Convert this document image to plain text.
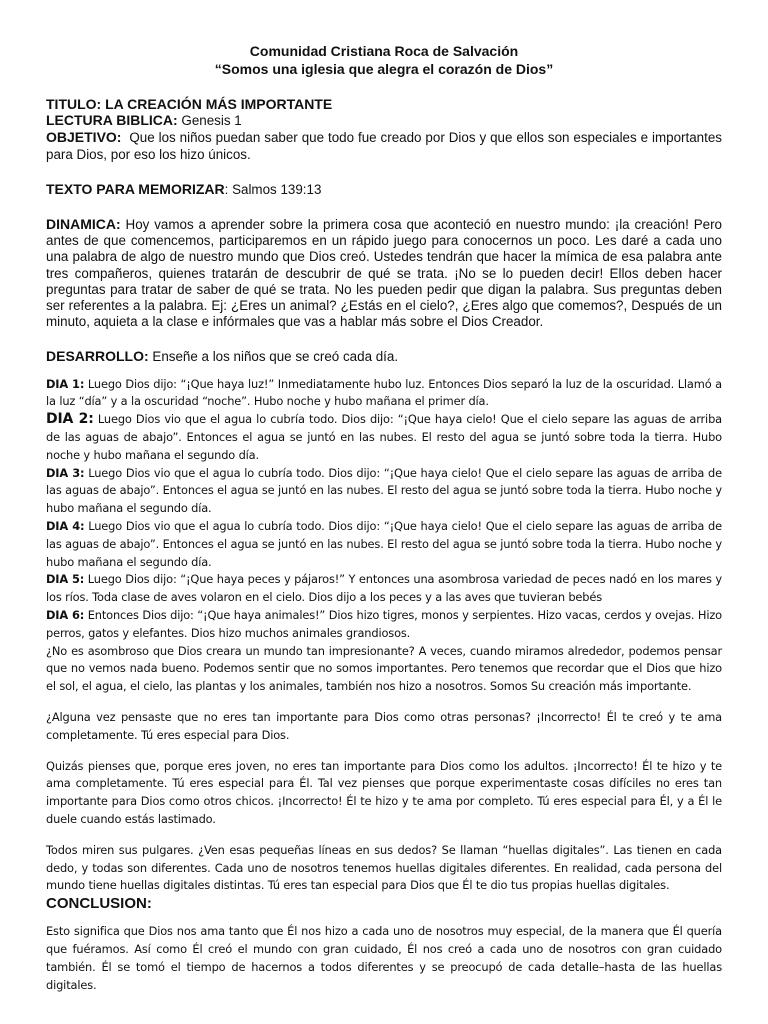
Comunidad Cristiana Roca de Salvación
“Somos una iglesia que alegra el corazón de Dios”

TITULO: LA CREACIÓN MÁS IMPORTANTE

LECTURA BIBLICA: Genesis 1

OBJETIVO: Que los niños puedan saber que todo fue creado por Dios y que ellos son especiales e importantes para Dios, por eso los hizo únicos.

TEXTO PARA MEMORIZAR: Salmos 139:13

DINAMICA: Hoy vamos a aprender sobre la primera cosa que aconteció en nuestro mundo: ¡la creación! Pero antes de que comencemos, participaremos en un rápido juego para conocernos un poco. Les daré a cada uno una palabra de algo de nuestro mundo que Dios creó. Ustedes tendrán que hacer la mímica de esa palabra ante tres compañeros, quienes tratarán de descubrir de qué se trata. ¡No se lo pueden decir! Ellos deben hacer preguntas para tratar de saber de qué se trata. No les pueden pedir que digan la palabra. Sus preguntas deben ser referentes a la palabra. Ej: ¿Eres un animal? ¿Estás en el cielo?, ¿Eres algo que comemos?, Después de un minuto, aquieta a la clase e infórmales que vas a hablar más sobre el Dios Creador.

DESARROLLO: Enseñe a los niños que se creó cada día.

DIA 1: Luego Dios dijo: “¡Que haya luz!” Inmediatamente hubo luz. Entonces Dios separó la luz de la oscuridad. Llamó a la luz “día” y a la oscuridad “noche”. Hubo noche y hubo mañana el primer día.

DIA 2: Luego Dios vio que el agua lo cubría todo. Dios dijo: “¡Que haya cielo! Que el cielo separe las aguas de arriba de las aguas de abajo”. Entonces el agua se juntó en las nubes. El resto del agua se juntó sobre toda la tierra. Hubo noche y hubo mañana el segundo día.

DIA 3: Luego Dios vio que el agua lo cubría todo. Dios dijo: “¡Que haya cielo! Que el cielo separe las aguas de arriba de las aguas de abajo”. Entonces el agua se juntó en las nubes. El resto del agua se juntó sobre toda la tierra. Hubo noche y hubo mañana el segundo día.

DIA 4: Luego Dios vio que el agua lo cubría todo. Dios dijo: “¡Que haya cielo! Que el cielo separe las aguas de arriba de las aguas de abajo”. Entonces el agua se juntó en las nubes. El resto del agua se juntó sobre toda la tierra. Hubo noche y hubo mañana el segundo día.

DIA 5: Luego Dios dijo: “¡Que haya peces y pájaros!” Y entonces una asombrosa variedad de peces nadó en los mares y los ríos. Toda clase de aves volaron en el cielo. Dios dijo a los peces y a las aves que tuvieran bebés

DIA 6: Entonces Dios dijo: “¡Que haya animales!” Dios hizo tigres, monos y serpientes. Hizo vacas, cerdos y ovejas. Hizo perros, gatos y elefantes. Dios hizo muchos animales grandiosos.

¿No es asombroso que Dios creara un mundo tan impresionante? A veces, cuando miramos alrededor, podemos pensar que no vemos nada bueno. Podemos sentir que no somos importantes. Pero tenemos que recordar que el Dios que hizo el sol, el agua, el cielo, las plantas y los animales, también nos hizo a nosotros. Somos Su creación más importante.

¿Alguna vez pensaste que no eres tan importante para Dios como otras personas? ¡Incorrecto! Él te creó y te ama completamente. Tú eres especial para Dios.

Quizás pienses que, porque eres joven, no eres tan importante para Dios como los adultos. ¡Incorrecto! Él te hizo y te ama completamente. Tú eres especial para Él. Tal vez pienses que porque experimentaste cosas difíciles no eres tan importante para Dios como otros chicos. ¡Incorrecto! Él te hizo y te ama por completo. Tú eres especial para Él, y a Él le duele cuando estás lastimado.

Todos miren sus pulgares. ¿Ven esas pequeñas líneas en sus dedos? Se llaman “huellas digitales”. Las tienen en cada dedo, y todas son diferentes. Cada uno de nosotros tenemos huellas digitales diferentes. En realidad, cada persona del mundo tiene huellas digitales distintas. Tú eres tan especial para Dios que Él te dio tus propias huellas digitales.

CONCLUSION:

Esto significa que Dios nos ama tanto que Él nos hizo a cada uno de nosotros muy especial, de la manera que Él quería que fuéramos. Así como Él creó el mundo con gran cuidado, Él nos creó a cada uno de nosotros con gran cuidado también. Él se tomó el tiempo de hacernos a todos diferentes y se preocupó de cada detalle–hasta de las huellas digitales.
